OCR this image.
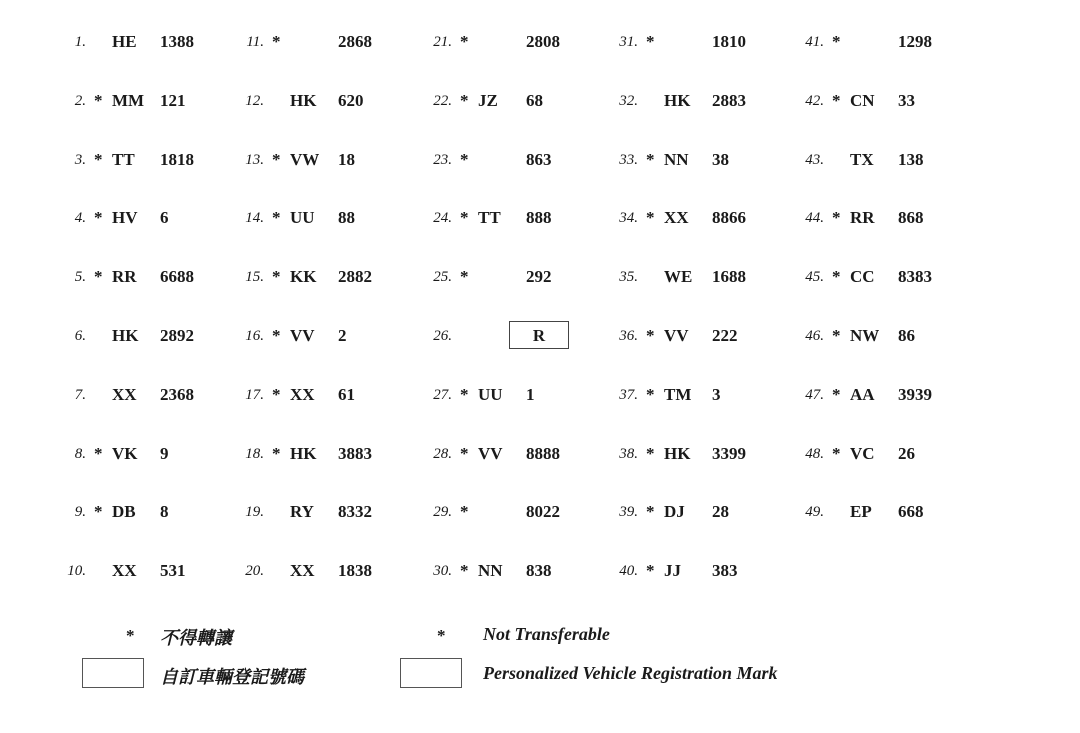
1. HE 1388
2. * MM 121
3. * TT 1818
4. * HV 6
5. * RR 6688
6. HK 2892
7. XX 2368
8. * VK 9
9. * DB 8
10. XX 531
11. *	2868
12. HK 620
13. * VW 18
14. * UU 88
15. * KK 2882
16. * VV 2
17. * XX 61
18. * HK 3883
19. RY 8332
20. XX 1838
21. *	2808
22. * JZ 68
23. *	863
24. * TT 888
25. *	292
26.	R
27. * UU 1
28. * VV 8888
29. *	8022
30. * NN 838
31. *	1810
32. HK 2883
33. * NN 38
34. * XX 8866
35. WE 1688
36. * VV 222
37. * TM 3
38. * HK 3399
39. * DJ 28
40. * JJ 383
41. *	1298
42. * CN 33
43. TX 138
44. * RR 868
45. * CC 8383
46. * NW 86
47. * AA 3939
48. * VC 26
49. EP 668
* 不得轉讓	* Not Transferable
自訂車輛登記號碼	Personalized Vehicle Registration Mark
